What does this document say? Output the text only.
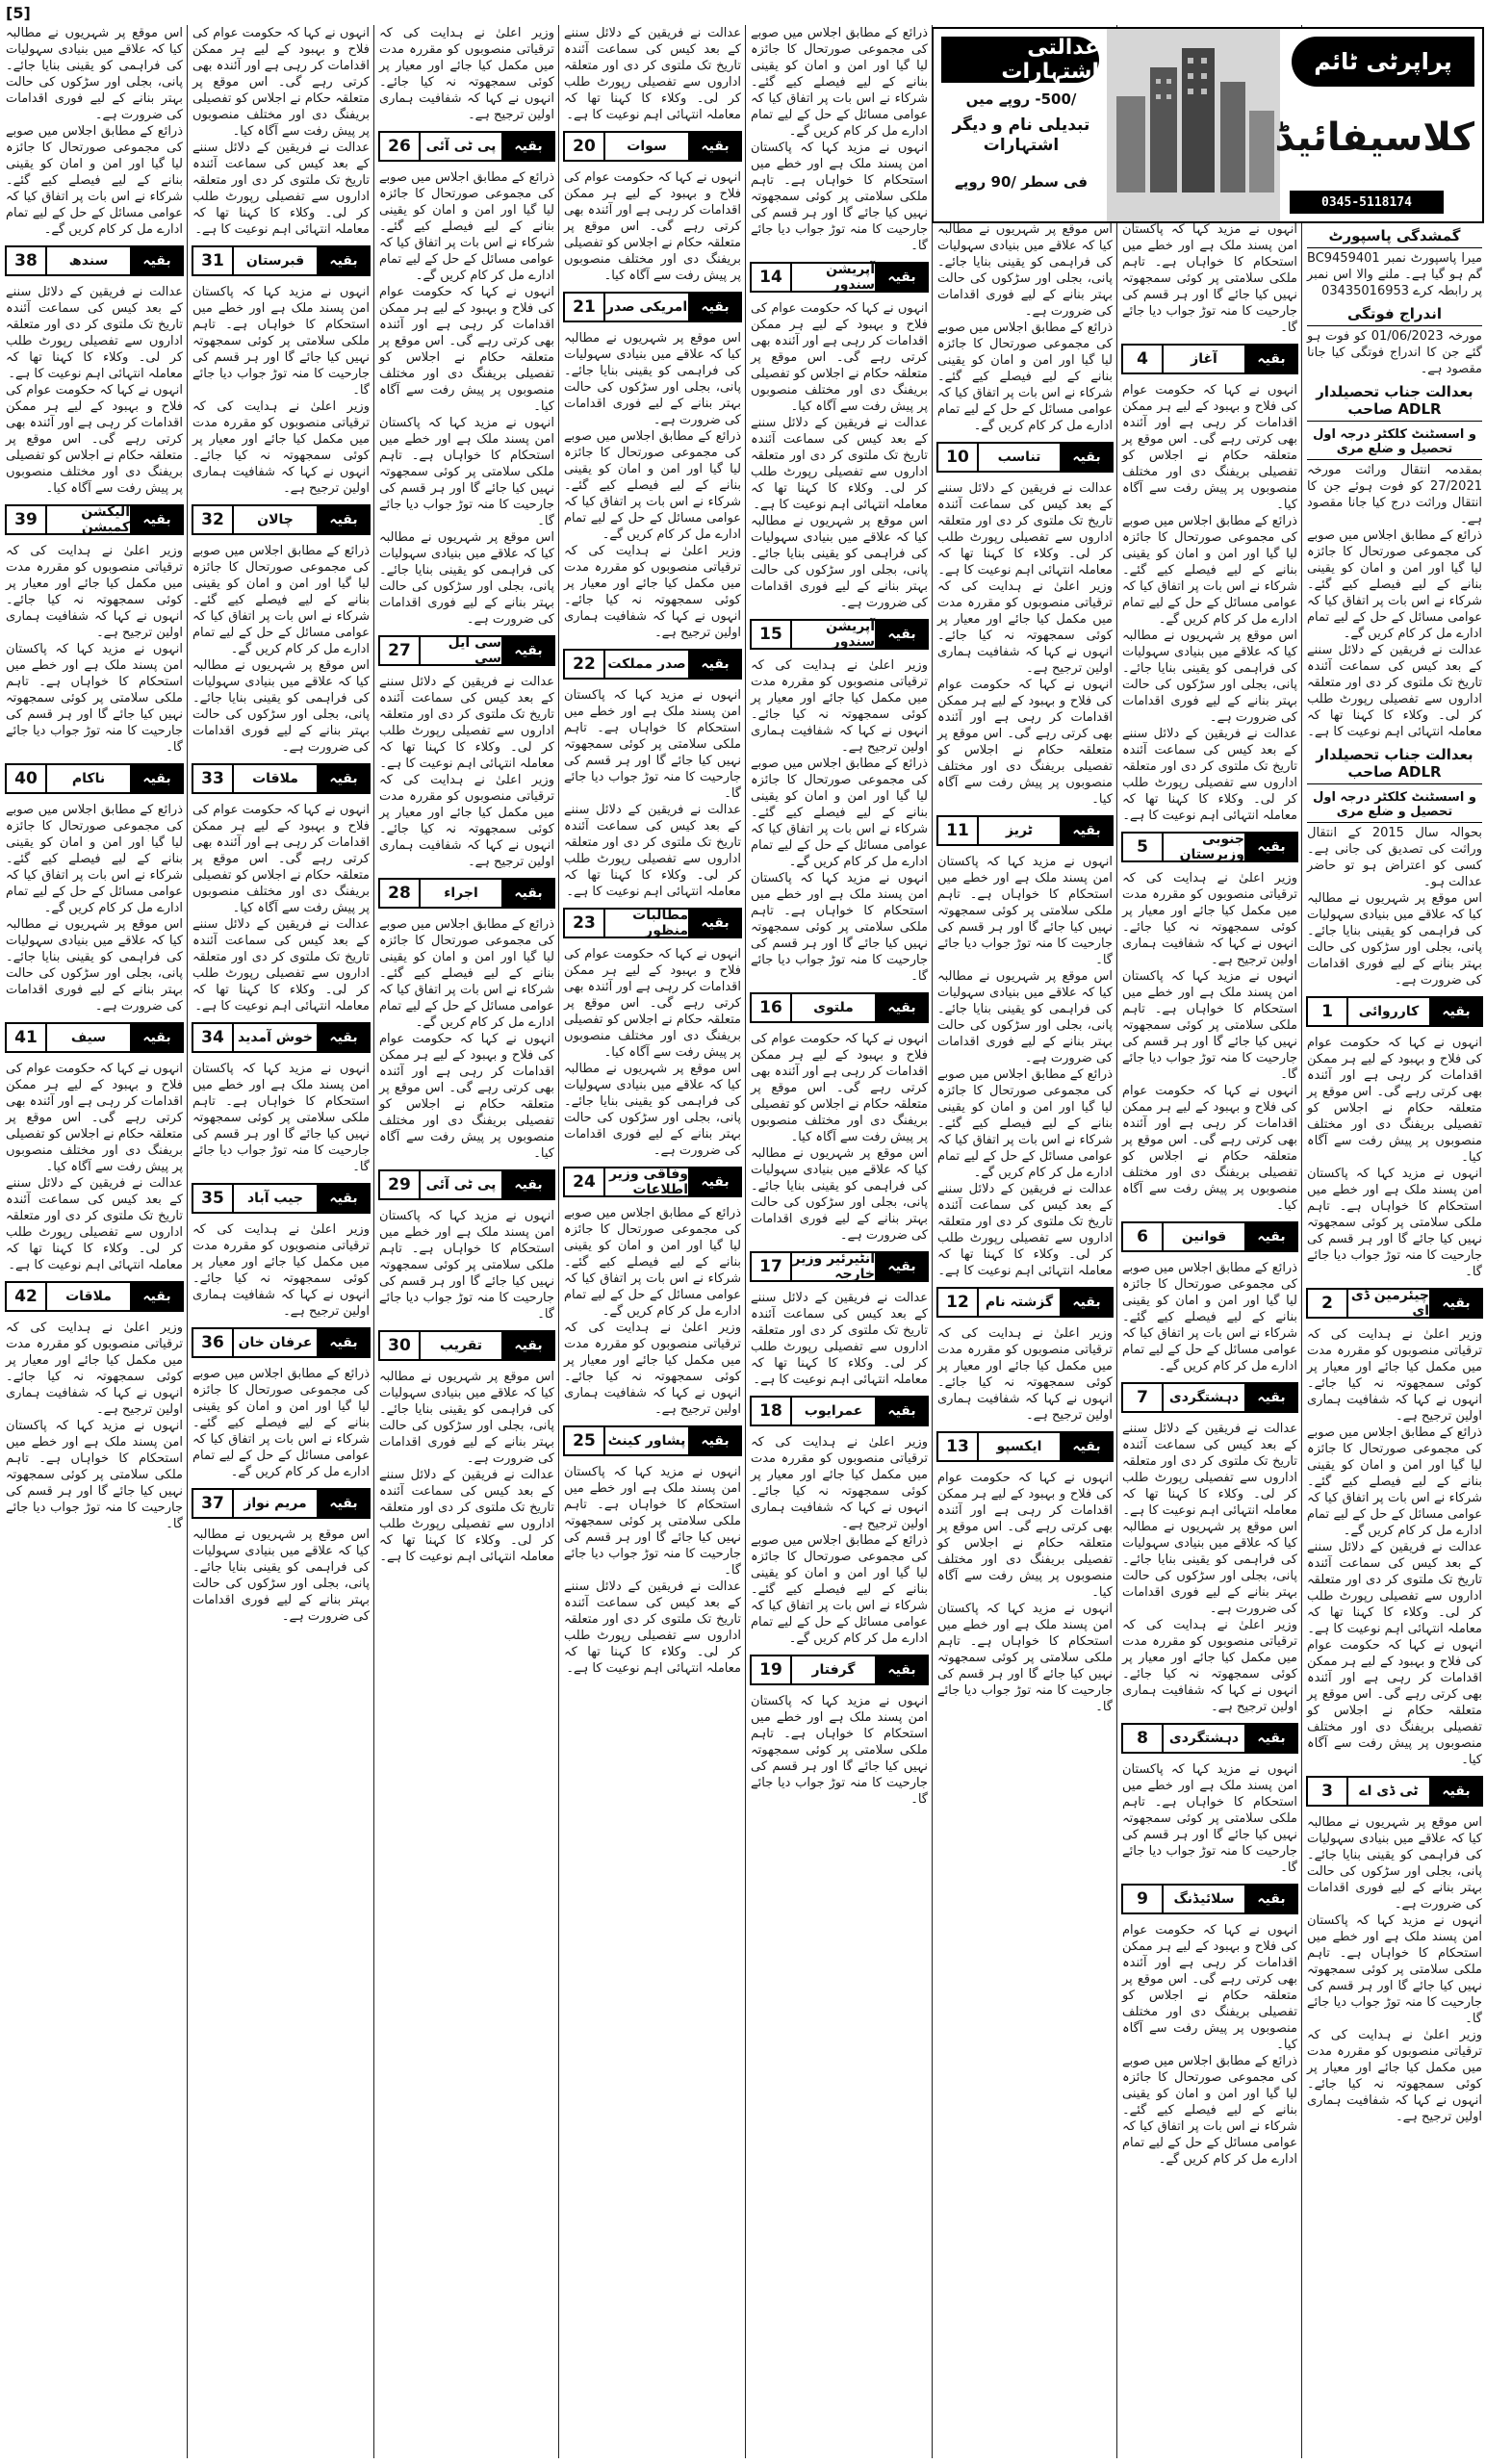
[5]
عدالتی اشتہارات
/500- روپے میں
تبدیلی نام و دیگر اشتہارات
فی سطر /90 روپے
0345-5118174
پراپرٹی ٹائم
کلاسیفائیڈ
گمشدگی پاسپورٹ

میرا پاسپورٹ نمبر BC9459401 گم ہو گیا ہے۔ ملنے والا اس نمبر پر رابطہ کرے 03435016953

اندراج فوتگی

مورخہ 01/06/2023 کو فوت ہو گئے جن کا اندراج فوتگی کیا جانا مقصود ہے۔

بعدالت جناب تحصیلدار ADLR صاحب
و اسسٹنٹ کلکٹر درجہ اول تحصیل و ضلع مری

بمقدمہ انتقال وراثت مورخہ 27/2021 کو فوت ہوئے جن کا انتقال وراثت درج کیا جانا مقصود ہے۔

ذرائع کے مطابق اجلاس میں صوبے کی مجموعی صورتحال کا جائزہ لیا گیا اور امن و امان کو یقینی بنانے کے لیے فیصلے کیے گئے۔ شرکاء نے اس بات پر اتفاق کیا کہ عوامی مسائل کے حل کے لیے تمام ادارے مل کر کام کریں گے۔

عدالت نے فریقین کے دلائل سننے کے بعد کیس کی سماعت آئندہ تاریخ تک ملتوی کر دی اور متعلقہ اداروں سے تفصیلی رپورٹ طلب کر لی۔ وکلاء کا کہنا تھا کہ معاملہ انتہائی اہم نوعیت کا ہے۔

بعدالت جناب تحصیلدار ADLR صاحب
و اسسٹنٹ کلکٹر درجہ اول تحصیل و ضلع مری

بحوالہ سال 2015 کے انتقال وراثت کی تصدیق کی جانی ہے۔ کسی کو اعتراض ہو تو حاضر عدالت ہو۔

اس موقع پر شہریوں نے مطالبہ کیا کہ علاقے میں بنیادی سہولیات کی فراہمی کو یقینی بنایا جائے۔ پانی، بجلی اور سڑکوں کی حالت بہتر بنانے کے لیے فوری اقدامات کی ضرورت ہے۔

1	کارروائی	بقیہ

انہوں نے کہا کہ حکومت عوام کی فلاح و بہبود کے لیے ہر ممکن اقدامات کر رہی ہے اور آئندہ بھی کرتی رہے گی۔ اس موقع پر متعلقہ حکام نے اجلاس کو تفصیلی بریفنگ دی اور مختلف منصوبوں پر پیش رفت سے آگاہ کیا۔

انہوں نے مزید کہا کہ پاکستان امن پسند ملک ہے اور خطے میں استحکام کا خواہاں ہے۔ تاہم ملکی سلامتی پر کوئی سمجھوتہ نہیں کیا جائے گا اور ہر قسم کی جارحیت کا منہ توڑ جواب دیا جائے گا۔

2	چیئرمین ڈی ای بقیہ

وزیر اعلیٰ نے ہدایت کی کہ ترقیاتی منصوبوں کو مقررہ مدت میں مکمل کیا جائے اور معیار پر کوئی سمجھوتہ نہ کیا جائے۔ انہوں نے کہا کہ شفافیت ہماری اولین ترجیح ہے۔

ذرائع کے مطابق اجلاس میں صوبے کی مجموعی صورتحال کا جائزہ لیا گیا اور امن و امان کو یقینی بنانے کے لیے فیصلے کیے گئے۔ شرکاء نے اس بات پر اتفاق کیا کہ عوامی مسائل کے حل کے لیے تمام ادارے مل کر کام کریں گے۔

عدالت نے فریقین کے دلائل سننے کے بعد کیس کی سماعت آئندہ تاریخ تک ملتوی کر دی اور متعلقہ اداروں سے تفصیلی رپورٹ طلب کر لی۔ وکلاء کا کہنا تھا کہ معاملہ انتہائی اہم نوعیت کا ہے۔

انہوں نے کہا کہ حکومت عوام کی فلاح و بہبود کے لیے ہر ممکن اقدامات کر رہی ہے اور آئندہ بھی کرتی رہے گی۔ اس موقع پر متعلقہ حکام نے اجلاس کو تفصیلی بریفنگ دی اور مختلف منصوبوں پر پیش رفت سے آگاہ کیا۔

3	ٹی ڈی اے	بقیہ

اس موقع پر شہریوں نے مطالبہ کیا کہ علاقے میں بنیادی سہولیات کی فراہمی کو یقینی بنایا جائے۔ پانی، بجلی اور سڑکوں کی حالت بہتر بنانے کے لیے فوری اقدامات کی ضرورت ہے۔

انہوں نے مزید کہا کہ پاکستان امن پسند ملک ہے اور خطے میں استحکام کا خواہاں ہے۔ تاہم ملکی سلامتی پر کوئی سمجھوتہ نہیں کیا جائے گا اور ہر قسم کی جارحیت کا منہ توڑ جواب دیا جائے گا۔

وزیر اعلیٰ نے ہدایت کی کہ ترقیاتی منصوبوں کو مقررہ مدت میں مکمل کیا جائے اور معیار پر کوئی سمجھوتہ نہ کیا جائے۔ انہوں نے کہا کہ شفافیت ہماری اولین ترجیح ہے۔

انہوں نے مزید کہا کہ پاکستان امن پسند ملک ہے اور خطے میں استحکام کا خواہاں ہے۔ تاہم ملکی سلامتی پر کوئی سمجھوتہ نہیں کیا جائے گا اور ہر قسم کی جارحیت کا منہ توڑ جواب دیا جائے گا۔

4	آغاز	بقیہ

انہوں نے کہا کہ حکومت عوام کی فلاح و بہبود کے لیے ہر ممکن اقدامات کر رہی ہے اور آئندہ بھی کرتی رہے گی۔ اس موقع پر متعلقہ حکام نے اجلاس کو تفصیلی بریفنگ دی اور مختلف منصوبوں پر پیش رفت سے آگاہ کیا۔

ذرائع کے مطابق اجلاس میں صوبے کی مجموعی صورتحال کا جائزہ لیا گیا اور امن و امان کو یقینی بنانے کے لیے فیصلے کیے گئے۔ شرکاء نے اس بات پر اتفاق کیا کہ عوامی مسائل کے حل کے لیے تمام ادارے مل کر کام کریں گے۔

اس موقع پر شہریوں نے مطالبہ کیا کہ علاقے میں بنیادی سہولیات کی فراہمی کو یقینی بنایا جائے۔ پانی، بجلی اور سڑکوں کی حالت بہتر بنانے کے لیے فوری اقدامات کی ضرورت ہے۔

عدالت نے فریقین کے دلائل سننے کے بعد کیس کی سماعت آئندہ تاریخ تک ملتوی کر دی اور متعلقہ اداروں سے تفصیلی رپورٹ طلب کر لی۔ وکلاء کا کہنا تھا کہ معاملہ انتہائی اہم نوعیت کا ہے۔

5	جنوبی وزیرستان بقیہ

وزیر اعلیٰ نے ہدایت کی کہ ترقیاتی منصوبوں کو مقررہ مدت میں مکمل کیا جائے اور معیار پر کوئی سمجھوتہ نہ کیا جائے۔ انہوں نے کہا کہ شفافیت ہماری اولین ترجیح ہے۔

انہوں نے مزید کہا کہ پاکستان امن پسند ملک ہے اور خطے میں استحکام کا خواہاں ہے۔ تاہم ملکی سلامتی پر کوئی سمجھوتہ نہیں کیا جائے گا اور ہر قسم کی جارحیت کا منہ توڑ جواب دیا جائے گا۔

انہوں نے کہا کہ حکومت عوام کی فلاح و بہبود کے لیے ہر ممکن اقدامات کر رہی ہے اور آئندہ بھی کرتی رہے گی۔ اس موقع پر متعلقہ حکام نے اجلاس کو تفصیلی بریفنگ دی اور مختلف منصوبوں پر پیش رفت سے آگاہ کیا۔

6	قوانین	بقیہ

ذرائع کے مطابق اجلاس میں صوبے کی مجموعی صورتحال کا جائزہ لیا گیا اور امن و امان کو یقینی بنانے کے لیے فیصلے کیے گئے۔ شرکاء نے اس بات پر اتفاق کیا کہ عوامی مسائل کے حل کے لیے تمام ادارے مل کر کام کریں گے۔

7	دہشتگردی	بقیہ

عدالت نے فریقین کے دلائل سننے کے بعد کیس کی سماعت آئندہ تاریخ تک ملتوی کر دی اور متعلقہ اداروں سے تفصیلی رپورٹ طلب کر لی۔ وکلاء کا کہنا تھا کہ معاملہ انتہائی اہم نوعیت کا ہے۔

اس موقع پر شہریوں نے مطالبہ کیا کہ علاقے میں بنیادی سہولیات کی فراہمی کو یقینی بنایا جائے۔ پانی، بجلی اور سڑکوں کی حالت بہتر بنانے کے لیے فوری اقدامات کی ضرورت ہے۔

وزیر اعلیٰ نے ہدایت کی کہ ترقیاتی منصوبوں کو مقررہ مدت میں مکمل کیا جائے اور معیار پر کوئی سمجھوتہ نہ کیا جائے۔ انہوں نے کہا کہ شفافیت ہماری اولین ترجیح ہے۔

8	دہشتگردی	بقیہ

انہوں نے مزید کہا کہ پاکستان امن پسند ملک ہے اور خطے میں استحکام کا خواہاں ہے۔ تاہم ملکی سلامتی پر کوئی سمجھوتہ نہیں کیا جائے گا اور ہر قسم کی جارحیت کا منہ توڑ جواب دیا جائے گا۔

9	سلائیڈنگ	بقیہ

انہوں نے کہا کہ حکومت عوام کی فلاح و بہبود کے لیے ہر ممکن اقدامات کر رہی ہے اور آئندہ بھی کرتی رہے گی۔ اس موقع پر متعلقہ حکام نے اجلاس کو تفصیلی بریفنگ دی اور مختلف منصوبوں پر پیش رفت سے آگاہ کیا۔

ذرائع کے مطابق اجلاس میں صوبے کی مجموعی صورتحال کا جائزہ لیا گیا اور امن و امان کو یقینی بنانے کے لیے فیصلے کیے گئے۔ شرکاء نے اس بات پر اتفاق کیا کہ عوامی مسائل کے حل کے لیے تمام ادارے مل کر کام کریں گے۔

اس موقع پر شہریوں نے مطالبہ کیا کہ علاقے میں بنیادی سہولیات کی فراہمی کو یقینی بنایا جائے۔ پانی، بجلی اور سڑکوں کی حالت بہتر بنانے کے لیے فوری اقدامات کی ضرورت ہے۔

ذرائع کے مطابق اجلاس میں صوبے کی مجموعی صورتحال کا جائزہ لیا گیا اور امن و امان کو یقینی بنانے کے لیے فیصلے کیے گئے۔ شرکاء نے اس بات پر اتفاق کیا کہ عوامی مسائل کے حل کے لیے تمام ادارے مل کر کام کریں گے۔

10	تناسب	بقیہ

عدالت نے فریقین کے دلائل سننے کے بعد کیس کی سماعت آئندہ تاریخ تک ملتوی کر دی اور متعلقہ اداروں سے تفصیلی رپورٹ طلب کر لی۔ وکلاء کا کہنا تھا کہ معاملہ انتہائی اہم نوعیت کا ہے۔

وزیر اعلیٰ نے ہدایت کی کہ ترقیاتی منصوبوں کو مقررہ مدت میں مکمل کیا جائے اور معیار پر کوئی سمجھوتہ نہ کیا جائے۔ انہوں نے کہا کہ شفافیت ہماری اولین ترجیح ہے۔

انہوں نے کہا کہ حکومت عوام کی فلاح و بہبود کے لیے ہر ممکن اقدامات کر رہی ہے اور آئندہ بھی کرتی رہے گی۔ اس موقع پر متعلقہ حکام نے اجلاس کو تفصیلی بریفنگ دی اور مختلف منصوبوں پر پیش رفت سے آگاہ کیا۔

11	ٹریز	بقیہ

انہوں نے مزید کہا کہ پاکستان امن پسند ملک ہے اور خطے میں استحکام کا خواہاں ہے۔ تاہم ملکی سلامتی پر کوئی سمجھوتہ نہیں کیا جائے گا اور ہر قسم کی جارحیت کا منہ توڑ جواب دیا جائے گا۔

اس موقع پر شہریوں نے مطالبہ کیا کہ علاقے میں بنیادی سہولیات کی فراہمی کو یقینی بنایا جائے۔ پانی، بجلی اور سڑکوں کی حالت بہتر بنانے کے لیے فوری اقدامات کی ضرورت ہے۔

ذرائع کے مطابق اجلاس میں صوبے کی مجموعی صورتحال کا جائزہ لیا گیا اور امن و امان کو یقینی بنانے کے لیے فیصلے کیے گئے۔ شرکاء نے اس بات پر اتفاق کیا کہ عوامی مسائل کے حل کے لیے تمام ادارے مل کر کام کریں گے۔

عدالت نے فریقین کے دلائل سننے کے بعد کیس کی سماعت آئندہ تاریخ تک ملتوی کر دی اور متعلقہ اداروں سے تفصیلی رپورٹ طلب کر لی۔ وکلاء کا کہنا تھا کہ معاملہ انتہائی اہم نوعیت کا ہے۔

12	گزشتہ نام	بقیہ

وزیر اعلیٰ نے ہدایت کی کہ ترقیاتی منصوبوں کو مقررہ مدت میں مکمل کیا جائے اور معیار پر کوئی سمجھوتہ نہ کیا جائے۔ انہوں نے کہا کہ شفافیت ہماری اولین ترجیح ہے۔

13	ایکسپو	بقیہ

انہوں نے کہا کہ حکومت عوام کی فلاح و بہبود کے لیے ہر ممکن اقدامات کر رہی ہے اور آئندہ بھی کرتی رہے گی۔ اس موقع پر متعلقہ حکام نے اجلاس کو تفصیلی بریفنگ دی اور مختلف منصوبوں پر پیش رفت سے آگاہ کیا۔

انہوں نے مزید کہا کہ پاکستان امن پسند ملک ہے اور خطے میں استحکام کا خواہاں ہے۔ تاہم ملکی سلامتی پر کوئی سمجھوتہ نہیں کیا جائے گا اور ہر قسم کی جارحیت کا منہ توڑ جواب دیا جائے گا۔

ذرائع کے مطابق اجلاس میں صوبے کی مجموعی صورتحال کا جائزہ لیا گیا اور امن و امان کو یقینی بنانے کے لیے فیصلے کیے گئے۔ شرکاء نے اس بات پر اتفاق کیا کہ عوامی مسائل کے حل کے لیے تمام ادارے مل کر کام کریں گے۔

انہوں نے مزید کہا کہ پاکستان امن پسند ملک ہے اور خطے میں استحکام کا خواہاں ہے۔ تاہم ملکی سلامتی پر کوئی سمجھوتہ نہیں کیا جائے گا اور ہر قسم کی جارحیت کا منہ توڑ جواب دیا جائے گا۔

14	آپریشن سندور بقیہ

انہوں نے کہا کہ حکومت عوام کی فلاح و بہبود کے لیے ہر ممکن اقدامات کر رہی ہے اور آئندہ بھی کرتی رہے گی۔ اس موقع پر متعلقہ حکام نے اجلاس کو تفصیلی بریفنگ دی اور مختلف منصوبوں پر پیش رفت سے آگاہ کیا۔

عدالت نے فریقین کے دلائل سننے کے بعد کیس کی سماعت آئندہ تاریخ تک ملتوی کر دی اور متعلقہ اداروں سے تفصیلی رپورٹ طلب کر لی۔ وکلاء کا کہنا تھا کہ معاملہ انتہائی اہم نوعیت کا ہے۔

اس موقع پر شہریوں نے مطالبہ کیا کہ علاقے میں بنیادی سہولیات کی فراہمی کو یقینی بنایا جائے۔ پانی، بجلی اور سڑکوں کی حالت بہتر بنانے کے لیے فوری اقدامات کی ضرورت ہے۔

15	آپریشن سندور بقیہ

وزیر اعلیٰ نے ہدایت کی کہ ترقیاتی منصوبوں کو مقررہ مدت میں مکمل کیا جائے اور معیار پر کوئی سمجھوتہ نہ کیا جائے۔ انہوں نے کہا کہ شفافیت ہماری اولین ترجیح ہے۔

ذرائع کے مطابق اجلاس میں صوبے کی مجموعی صورتحال کا جائزہ لیا گیا اور امن و امان کو یقینی بنانے کے لیے فیصلے کیے گئے۔ شرکاء نے اس بات پر اتفاق کیا کہ عوامی مسائل کے حل کے لیے تمام ادارے مل کر کام کریں گے۔

انہوں نے مزید کہا کہ پاکستان امن پسند ملک ہے اور خطے میں استحکام کا خواہاں ہے۔ تاہم ملکی سلامتی پر کوئی سمجھوتہ نہیں کیا جائے گا اور ہر قسم کی جارحیت کا منہ توڑ جواب دیا جائے گا۔

16	ملتوی	بقیہ

انہوں نے کہا کہ حکومت عوام کی فلاح و بہبود کے لیے ہر ممکن اقدامات کر رہی ہے اور آئندہ بھی کرتی رہے گی۔ اس موقع پر متعلقہ حکام نے اجلاس کو تفصیلی بریفنگ دی اور مختلف منصوبوں پر پیش رفت سے آگاہ کیا۔

اس موقع پر شہریوں نے مطالبہ کیا کہ علاقے میں بنیادی سہولیات کی فراہمی کو یقینی بنایا جائے۔ پانی، بجلی اور سڑکوں کی حالت بہتر بنانے کے لیے فوری اقدامات کی ضرورت ہے۔

17 انٹیرئیر وزیر خارجہ بقیہ

عدالت نے فریقین کے دلائل سننے کے بعد کیس کی سماعت آئندہ تاریخ تک ملتوی کر دی اور متعلقہ اداروں سے تفصیلی رپورٹ طلب کر لی۔ وکلاء کا کہنا تھا کہ معاملہ انتہائی اہم نوعیت کا ہے۔

18	عمرایوب	بقیہ

وزیر اعلیٰ نے ہدایت کی کہ ترقیاتی منصوبوں کو مقررہ مدت میں مکمل کیا جائے اور معیار پر کوئی سمجھوتہ نہ کیا جائے۔ انہوں نے کہا کہ شفافیت ہماری اولین ترجیح ہے۔

ذرائع کے مطابق اجلاس میں صوبے کی مجموعی صورتحال کا جائزہ لیا گیا اور امن و امان کو یقینی بنانے کے لیے فیصلے کیے گئے۔ شرکاء نے اس بات پر اتفاق کیا کہ عوامی مسائل کے حل کے لیے تمام ادارے مل کر کام کریں گے۔

19	گرفتار	بقیہ

انہوں نے مزید کہا کہ پاکستان امن پسند ملک ہے اور خطے میں استحکام کا خواہاں ہے۔ تاہم ملکی سلامتی پر کوئی سمجھوتہ نہیں کیا جائے گا اور ہر قسم کی جارحیت کا منہ توڑ جواب دیا جائے گا۔

عدالت نے فریقین کے دلائل سننے کے بعد کیس کی سماعت آئندہ تاریخ تک ملتوی کر دی اور متعلقہ اداروں سے تفصیلی رپورٹ طلب کر لی۔ وکلاء کا کہنا تھا کہ معاملہ انتہائی اہم نوعیت کا ہے۔

20	سوات	بقیہ

انہوں نے کہا کہ حکومت عوام کی فلاح و بہبود کے لیے ہر ممکن اقدامات کر رہی ہے اور آئندہ بھی کرتی رہے گی۔ اس موقع پر متعلقہ حکام نے اجلاس کو تفصیلی بریفنگ دی اور مختلف منصوبوں پر پیش رفت سے آگاہ کیا۔

21 امریکی صدر	بقیہ

اس موقع پر شہریوں نے مطالبہ کیا کہ علاقے میں بنیادی سہولیات کی فراہمی کو یقینی بنایا جائے۔ پانی، بجلی اور سڑکوں کی حالت بہتر بنانے کے لیے فوری اقدامات کی ضرورت ہے۔

ذرائع کے مطابق اجلاس میں صوبے کی مجموعی صورتحال کا جائزہ لیا گیا اور امن و امان کو یقینی بنانے کے لیے فیصلے کیے گئے۔ شرکاء نے اس بات پر اتفاق کیا کہ عوامی مسائل کے حل کے لیے تمام ادارے مل کر کام کریں گے۔

وزیر اعلیٰ نے ہدایت کی کہ ترقیاتی منصوبوں کو مقررہ مدت میں مکمل کیا جائے اور معیار پر کوئی سمجھوتہ نہ کیا جائے۔ انہوں نے کہا کہ شفافیت ہماری اولین ترجیح ہے۔

22 صدر مملکت	بقیہ

انہوں نے مزید کہا کہ پاکستان امن پسند ملک ہے اور خطے میں استحکام کا خواہاں ہے۔ تاہم ملکی سلامتی پر کوئی سمجھوتہ نہیں کیا جائے گا اور ہر قسم کی جارحیت کا منہ توڑ جواب دیا جائے گا۔

عدالت نے فریقین کے دلائل سننے کے بعد کیس کی سماعت آئندہ تاریخ تک ملتوی کر دی اور متعلقہ اداروں سے تفصیلی رپورٹ طلب کر لی۔ وکلاء کا کہنا تھا کہ معاملہ انتہائی اہم نوعیت کا ہے۔

23	مطالبات منظور بقیہ

انہوں نے کہا کہ حکومت عوام کی فلاح و بہبود کے لیے ہر ممکن اقدامات کر رہی ہے اور آئندہ بھی کرتی رہے گی۔ اس موقع پر متعلقہ حکام نے اجلاس کو تفصیلی بریفنگ دی اور مختلف منصوبوں پر پیش رفت سے آگاہ کیا۔

اس موقع پر شہریوں نے مطالبہ کیا کہ علاقے میں بنیادی سہولیات کی فراہمی کو یقینی بنایا جائے۔ پانی، بجلی اور سڑکوں کی حالت بہتر بنانے کے لیے فوری اقدامات کی ضرورت ہے۔

24	وفاقی وزیر اطلاعات بقیہ

ذرائع کے مطابق اجلاس میں صوبے کی مجموعی صورتحال کا جائزہ لیا گیا اور امن و امان کو یقینی بنانے کے لیے فیصلے کیے گئے۔ شرکاء نے اس بات پر اتفاق کیا کہ عوامی مسائل کے حل کے لیے تمام ادارے مل کر کام کریں گے۔

وزیر اعلیٰ نے ہدایت کی کہ ترقیاتی منصوبوں کو مقررہ مدت میں مکمل کیا جائے اور معیار پر کوئی سمجھوتہ نہ کیا جائے۔ انہوں نے کہا کہ شفافیت ہماری اولین ترجیح ہے۔

25 پشاور کینٹ	بقیہ

انہوں نے مزید کہا کہ پاکستان امن پسند ملک ہے اور خطے میں استحکام کا خواہاں ہے۔ تاہم ملکی سلامتی پر کوئی سمجھوتہ نہیں کیا جائے گا اور ہر قسم کی جارحیت کا منہ توڑ جواب دیا جائے گا۔

عدالت نے فریقین کے دلائل سننے کے بعد کیس کی سماعت آئندہ تاریخ تک ملتوی کر دی اور متعلقہ اداروں سے تفصیلی رپورٹ طلب کر لی۔ وکلاء کا کہنا تھا کہ معاملہ انتہائی اہم نوعیت کا ہے۔

وزیر اعلیٰ نے ہدایت کی کہ ترقیاتی منصوبوں کو مقررہ مدت میں مکمل کیا جائے اور معیار پر کوئی سمجھوتہ نہ کیا جائے۔ انہوں نے کہا کہ شفافیت ہماری اولین ترجیح ہے۔

26	پی ٹی آئی	بقیہ

ذرائع کے مطابق اجلاس میں صوبے کی مجموعی صورتحال کا جائزہ لیا گیا اور امن و امان کو یقینی بنانے کے لیے فیصلے کیے گئے۔ شرکاء نے اس بات پر اتفاق کیا کہ عوامی مسائل کے حل کے لیے تمام ادارے مل کر کام کریں گے۔

انہوں نے کہا کہ حکومت عوام کی فلاح و بہبود کے لیے ہر ممکن اقدامات کر رہی ہے اور آئندہ بھی کرتی رہے گی۔ اس موقع پر متعلقہ حکام نے اجلاس کو تفصیلی بریفنگ دی اور مختلف منصوبوں پر پیش رفت سے آگاہ کیا۔

انہوں نے مزید کہا کہ پاکستان امن پسند ملک ہے اور خطے میں استحکام کا خواہاں ہے۔ تاہم ملکی سلامتی پر کوئی سمجھوتہ نہیں کیا جائے گا اور ہر قسم کی جارحیت کا منہ توڑ جواب دیا جائے گا۔

اس موقع پر شہریوں نے مطالبہ کیا کہ علاقے میں بنیادی سہولیات کی فراہمی کو یقینی بنایا جائے۔ پانی، بجلی اور سڑکوں کی حالت بہتر بنانے کے لیے فوری اقدامات کی ضرورت ہے۔

27	سی ایل سی بقیہ

عدالت نے فریقین کے دلائل سننے کے بعد کیس کی سماعت آئندہ تاریخ تک ملتوی کر دی اور متعلقہ اداروں سے تفصیلی رپورٹ طلب کر لی۔ وکلاء کا کہنا تھا کہ معاملہ انتہائی اہم نوعیت کا ہے۔

وزیر اعلیٰ نے ہدایت کی کہ ترقیاتی منصوبوں کو مقررہ مدت میں مکمل کیا جائے اور معیار پر کوئی سمجھوتہ نہ کیا جائے۔ انہوں نے کہا کہ شفافیت ہماری اولین ترجیح ہے۔

28	اجراء	بقیہ

ذرائع کے مطابق اجلاس میں صوبے کی مجموعی صورتحال کا جائزہ لیا گیا اور امن و امان کو یقینی بنانے کے لیے فیصلے کیے گئے۔ شرکاء نے اس بات پر اتفاق کیا کہ عوامی مسائل کے حل کے لیے تمام ادارے مل کر کام کریں گے۔

انہوں نے کہا کہ حکومت عوام کی فلاح و بہبود کے لیے ہر ممکن اقدامات کر رہی ہے اور آئندہ بھی کرتی رہے گی۔ اس موقع پر متعلقہ حکام نے اجلاس کو تفصیلی بریفنگ دی اور مختلف منصوبوں پر پیش رفت سے آگاہ کیا۔

29	پی ٹی آئی	بقیہ

انہوں نے مزید کہا کہ پاکستان امن پسند ملک ہے اور خطے میں استحکام کا خواہاں ہے۔ تاہم ملکی سلامتی پر کوئی سمجھوتہ نہیں کیا جائے گا اور ہر قسم کی جارحیت کا منہ توڑ جواب دیا جائے گا۔

30	تقریب	بقیہ

اس موقع پر شہریوں نے مطالبہ کیا کہ علاقے میں بنیادی سہولیات کی فراہمی کو یقینی بنایا جائے۔ پانی، بجلی اور سڑکوں کی حالت بہتر بنانے کے لیے فوری اقدامات کی ضرورت ہے۔

عدالت نے فریقین کے دلائل سننے کے بعد کیس کی سماعت آئندہ تاریخ تک ملتوی کر دی اور متعلقہ اداروں سے تفصیلی رپورٹ طلب کر لی۔ وکلاء کا کہنا تھا کہ معاملہ انتہائی اہم نوعیت کا ہے۔

انہوں نے کہا کہ حکومت عوام کی فلاح و بہبود کے لیے ہر ممکن اقدامات کر رہی ہے اور آئندہ بھی کرتی رہے گی۔ اس موقع پر متعلقہ حکام نے اجلاس کو تفصیلی بریفنگ دی اور مختلف منصوبوں پر پیش رفت سے آگاہ کیا۔

عدالت نے فریقین کے دلائل سننے کے بعد کیس کی سماعت آئندہ تاریخ تک ملتوی کر دی اور متعلقہ اداروں سے تفصیلی رپورٹ طلب کر لی۔ وکلاء کا کہنا تھا کہ معاملہ انتہائی اہم نوعیت کا ہے۔

31	قبرستان	بقیہ

انہوں نے مزید کہا کہ پاکستان امن پسند ملک ہے اور خطے میں استحکام کا خواہاں ہے۔ تاہم ملکی سلامتی پر کوئی سمجھوتہ نہیں کیا جائے گا اور ہر قسم کی جارحیت کا منہ توڑ جواب دیا جائے گا۔

وزیر اعلیٰ نے ہدایت کی کہ ترقیاتی منصوبوں کو مقررہ مدت میں مکمل کیا جائے اور معیار پر کوئی سمجھوتہ نہ کیا جائے۔ انہوں نے کہا کہ شفافیت ہماری اولین ترجیح ہے۔

32	چالان	بقیہ

ذرائع کے مطابق اجلاس میں صوبے کی مجموعی صورتحال کا جائزہ لیا گیا اور امن و امان کو یقینی بنانے کے لیے فیصلے کیے گئے۔ شرکاء نے اس بات پر اتفاق کیا کہ عوامی مسائل کے حل کے لیے تمام ادارے مل کر کام کریں گے۔

اس موقع پر شہریوں نے مطالبہ کیا کہ علاقے میں بنیادی سہولیات کی فراہمی کو یقینی بنایا جائے۔ پانی، بجلی اور سڑکوں کی حالت بہتر بنانے کے لیے فوری اقدامات کی ضرورت ہے۔

33	ملاقات	بقیہ

انہوں نے کہا کہ حکومت عوام کی فلاح و بہبود کے لیے ہر ممکن اقدامات کر رہی ہے اور آئندہ بھی کرتی رہے گی۔ اس موقع پر متعلقہ حکام نے اجلاس کو تفصیلی بریفنگ دی اور مختلف منصوبوں پر پیش رفت سے آگاہ کیا۔

عدالت نے فریقین کے دلائل سننے کے بعد کیس کی سماعت آئندہ تاریخ تک ملتوی کر دی اور متعلقہ اداروں سے تفصیلی رپورٹ طلب کر لی۔ وکلاء کا کہنا تھا کہ معاملہ انتہائی اہم نوعیت کا ہے۔

34	خوش آمدید	بقیہ

انہوں نے مزید کہا کہ پاکستان امن پسند ملک ہے اور خطے میں استحکام کا خواہاں ہے۔ تاہم ملکی سلامتی پر کوئی سمجھوتہ نہیں کیا جائے گا اور ہر قسم کی جارحیت کا منہ توڑ جواب دیا جائے گا۔

35	جیب آباد	بقیہ

وزیر اعلیٰ نے ہدایت کی کہ ترقیاتی منصوبوں کو مقررہ مدت میں مکمل کیا جائے اور معیار پر کوئی سمجھوتہ نہ کیا جائے۔ انہوں نے کہا کہ شفافیت ہماری اولین ترجیح ہے۔

36	عرفان خان	بقیہ

ذرائع کے مطابق اجلاس میں صوبے کی مجموعی صورتحال کا جائزہ لیا گیا اور امن و امان کو یقینی بنانے کے لیے فیصلے کیے گئے۔ شرکاء نے اس بات پر اتفاق کیا کہ عوامی مسائل کے حل کے لیے تمام ادارے مل کر کام کریں گے۔

37	مریم نواز	بقیہ

اس موقع پر شہریوں نے مطالبہ کیا کہ علاقے میں بنیادی سہولیات کی فراہمی کو یقینی بنایا جائے۔ پانی، بجلی اور سڑکوں کی حالت بہتر بنانے کے لیے فوری اقدامات کی ضرورت ہے۔

اس موقع پر شہریوں نے مطالبہ کیا کہ علاقے میں بنیادی سہولیات کی فراہمی کو یقینی بنایا جائے۔ پانی، بجلی اور سڑکوں کی حالت بہتر بنانے کے لیے فوری اقدامات کی ضرورت ہے۔

ذرائع کے مطابق اجلاس میں صوبے کی مجموعی صورتحال کا جائزہ لیا گیا اور امن و امان کو یقینی بنانے کے لیے فیصلے کیے گئے۔ شرکاء نے اس بات پر اتفاق کیا کہ عوامی مسائل کے حل کے لیے تمام ادارے مل کر کام کریں گے۔

38	سندھ	بقیہ

عدالت نے فریقین کے دلائل سننے کے بعد کیس کی سماعت آئندہ تاریخ تک ملتوی کر دی اور متعلقہ اداروں سے تفصیلی رپورٹ طلب کر لی۔ وکلاء کا کہنا تھا کہ معاملہ انتہائی اہم نوعیت کا ہے۔

انہوں نے کہا کہ حکومت عوام کی فلاح و بہبود کے لیے ہر ممکن اقدامات کر رہی ہے اور آئندہ بھی کرتی رہے گی۔ اس موقع پر متعلقہ حکام نے اجلاس کو تفصیلی بریفنگ دی اور مختلف منصوبوں پر پیش رفت سے آگاہ کیا۔

39	الیکشن کمیشن بقیہ

وزیر اعلیٰ نے ہدایت کی کہ ترقیاتی منصوبوں کو مقررہ مدت میں مکمل کیا جائے اور معیار پر کوئی سمجھوتہ نہ کیا جائے۔ انہوں نے کہا کہ شفافیت ہماری اولین ترجیح ہے۔

انہوں نے مزید کہا کہ پاکستان امن پسند ملک ہے اور خطے میں استحکام کا خواہاں ہے۔ تاہم ملکی سلامتی پر کوئی سمجھوتہ نہیں کیا جائے گا اور ہر قسم کی جارحیت کا منہ توڑ جواب دیا جائے گا۔

40	ناکام	بقیہ

ذرائع کے مطابق اجلاس میں صوبے کی مجموعی صورتحال کا جائزہ لیا گیا اور امن و امان کو یقینی بنانے کے لیے فیصلے کیے گئے۔ شرکاء نے اس بات پر اتفاق کیا کہ عوامی مسائل کے حل کے لیے تمام ادارے مل کر کام کریں گے۔

اس موقع پر شہریوں نے مطالبہ کیا کہ علاقے میں بنیادی سہولیات کی فراہمی کو یقینی بنایا جائے۔ پانی، بجلی اور سڑکوں کی حالت بہتر بنانے کے لیے فوری اقدامات کی ضرورت ہے۔

41	سیف	بقیہ

انہوں نے کہا کہ حکومت عوام کی فلاح و بہبود کے لیے ہر ممکن اقدامات کر رہی ہے اور آئندہ بھی کرتی رہے گی۔ اس موقع پر متعلقہ حکام نے اجلاس کو تفصیلی بریفنگ دی اور مختلف منصوبوں پر پیش رفت سے آگاہ کیا۔

عدالت نے فریقین کے دلائل سننے کے بعد کیس کی سماعت آئندہ تاریخ تک ملتوی کر دی اور متعلقہ اداروں سے تفصیلی رپورٹ طلب کر لی۔ وکلاء کا کہنا تھا کہ معاملہ انتہائی اہم نوعیت کا ہے۔

42	ملاقات	بقیہ

وزیر اعلیٰ نے ہدایت کی کہ ترقیاتی منصوبوں کو مقررہ مدت میں مکمل کیا جائے اور معیار پر کوئی سمجھوتہ نہ کیا جائے۔ انہوں نے کہا کہ شفافیت ہماری اولین ترجیح ہے۔

انہوں نے مزید کہا کہ پاکستان امن پسند ملک ہے اور خطے میں استحکام کا خواہاں ہے۔ تاہم ملکی سلامتی پر کوئی سمجھوتہ نہیں کیا جائے گا اور ہر قسم کی جارحیت کا منہ توڑ جواب دیا جائے گا۔
